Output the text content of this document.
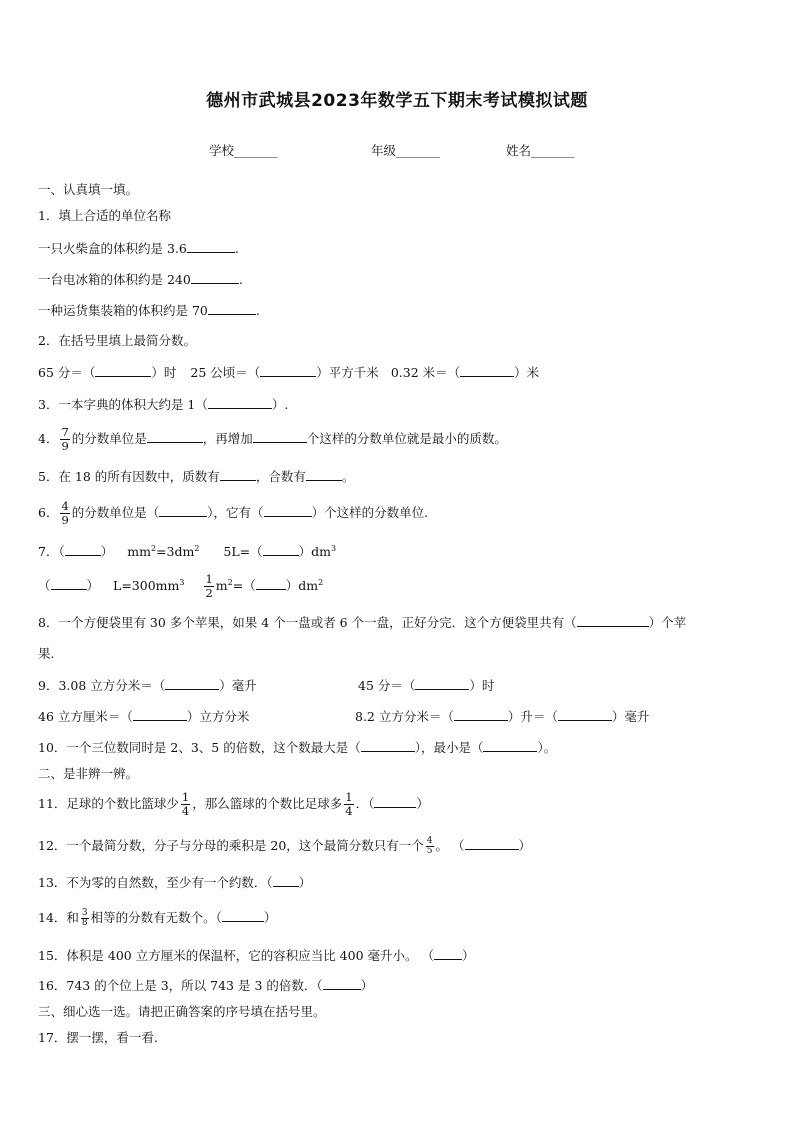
德州市武城县2023年数学五下期末考试模拟试题
学校_______	年级_______	姓名_______
一、认真填一填。
1．填上合适的单位名称
一只火柴盒的体积约是 3.6	.
一台电冰箱的体积约是 240	.
一种运货集装箱的体积约是 70	.
2．在括号里填上最简分数。
65 分＝（	）时 25 公顷＝（	）平方千米 0.32 米＝（	）米
3．一本字典的体积大约是 1（	）.
4． $\frac{7}{9}$ 的分数单位是	，再增加	个这样的分数单位就是最小的质数。
5．在 18 的所有因数中，质数有	，合数有	。
6． $\frac{4}{9}$ 的分数单位是（	），它有（	）个这样的分数单位.
7．（	） $mm^2=3dm^2$ 5L=（	）$dm^3$
（	） $L=300mm^3 \frac{1}{2} m^2=$（ ）$dm^2$
8．一个方便袋里有 30 多个苹果，如果 4 个一盘或者 6 个一盘，正好分完．这个方便袋里共有（	）个苹
果.
9．3.08 立方分米＝（	）毫升	45 分＝（	）时
46 立方厘米＝（	）立方分米	8.2 立方分米＝（	）升＝（	）毫升
10．一个三位数同时是 2、3、5 的倍数，这个数最大是（	），最小是（	）。
二、是非辨一辨。
11．足球的个数比篮球少 $\frac{1}{4}$ ，那么篮球的个数比足球多 $\frac{1}{4}$ ．（	）
12．一个最简分数，分子与分母的乘积是 20，这个最简分数只有一个 $\frac{4}{5}$ 。 （	）
13．不为零的自然数，至少有一个约数．（ ）
14．和 $\frac{3}{8}$ 相等的分数有无数个。（	）
15．体积是 400 立方厘米的保温杯，它的容积应当比 400 毫升小。 （ ）
16．743 的个位上是 3，所以 743 是 3 的倍数．（	）
三、细心选一选。请把正确答案的序号填在括号里。
17．摆一摆，看一看.
